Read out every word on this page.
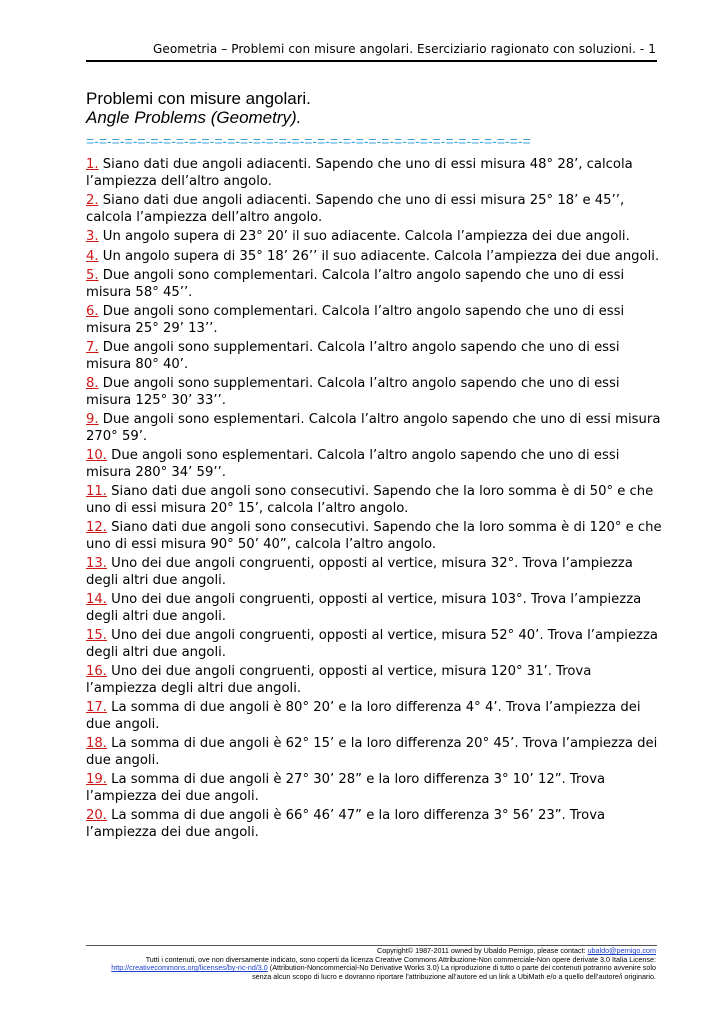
Geometria – Problemi con misure angolari. Eserciziario ragionato con soluzioni. - 1
Problemi con misure angolari.
Angle Problems (Geometry).
=-=-=-=-=-=-=-=-=-=-=-=-=-=-=-=-=-=-=-=-=-=-=-=-=-=-=-=-=-=-=-=-=-=-=
1. Siano dati due angoli adiacenti. Sapendo che uno di essi misura 48° 28’, calcola l’ampiezza dell’altro angolo.
2. Siano dati due angoli adiacenti. Sapendo che uno di essi misura 25° 18’ e 45’’, calcola l’ampiezza dell’altro angolo.
3. Un angolo supera di 23° 20’ il suo adiacente. Calcola l’ampiezza dei due angoli.
4. Un angolo supera di 35° 18’ 26’’ il suo adiacente. Calcola l’ampiezza dei due angoli.
5. Due angoli sono complementari. Calcola l’altro angolo sapendo che uno di essi misura 58° 45’’.
6. Due angoli sono complementari. Calcola l’altro angolo sapendo che uno di essi misura 25° 29’ 13’’.
7. Due angoli sono supplementari. Calcola l’altro angolo sapendo che uno di essi misura 80° 40’.
8. Due angoli sono supplementari. Calcola l’altro angolo sapendo che uno di essi misura 125° 30’ 33’’.
9. Due angoli sono esplementari. Calcola l’altro angolo sapendo che uno di essi misura 270° 59’.
10. Due angoli sono esplementari. Calcola l’altro angolo sapendo che uno di essi misura 280° 34’ 59’’.
11. Siano dati due angoli sono consecutivi. Sapendo che la loro somma è di 50° e che uno di essi misura 20° 15’, calcola l’altro angolo.
12. Siano dati due angoli sono consecutivi. Sapendo che la loro somma è di 120° e che uno di essi misura 90° 50’ 40”, calcola l’altro angolo.
13. Uno dei due angoli congruenti, opposti al vertice, misura 32°. Trova l’ampiezza degli altri due angoli.
14. Uno dei due angoli congruenti, opposti al vertice, misura 103°. Trova l’ampiezza degli altri due angoli.
15. Uno dei due angoli congruenti, opposti al vertice, misura 52° 40’. Trova l’ampiezza degli altri due angoli.
16. Uno dei due angoli congruenti, opposti al vertice, misura 120° 31’. Trova l’ampiezza degli altri due angoli.
17. La somma di due angoli è 80° 20’ e la loro differenza 4° 4’. Trova l’ampiezza dei due angoli.
18. La somma di due angoli è 62° 15’ e la loro differenza 20° 45’. Trova l’ampiezza dei due angoli.
19. La somma di due angoli è 27° 30’ 28” e la loro differenza 3° 10’ 12”. Trova l’ampiezza dei due angoli.
20. La somma di due angoli è 66° 46’ 47” e la loro differenza 3° 56’ 23”. Trova l’ampiezza dei due angoli.
Copyright© 1987-2011 owned by Ubaldo Pernigo, please contact: ubaldo@pernigo.com
Tutti i contenuti, ove non diversamente indicato, sono coperti da licenza Creative Commons Attribuzione-Non commerciale-Non opere derivate 3.0 Italia License:
http://creativecommons.org/licenses/by-nc-nd/3.0 (Attribution-Noncommercial-No Derivative Works 3.0) La riproduzione di tutto o parte dei contenuti potranno avvenire solo
senza alcun scopo di lucro e dovranno riportare l’attribuzione all’autore ed un link a UbiMath e/o a quello dell’autore/i originario.
